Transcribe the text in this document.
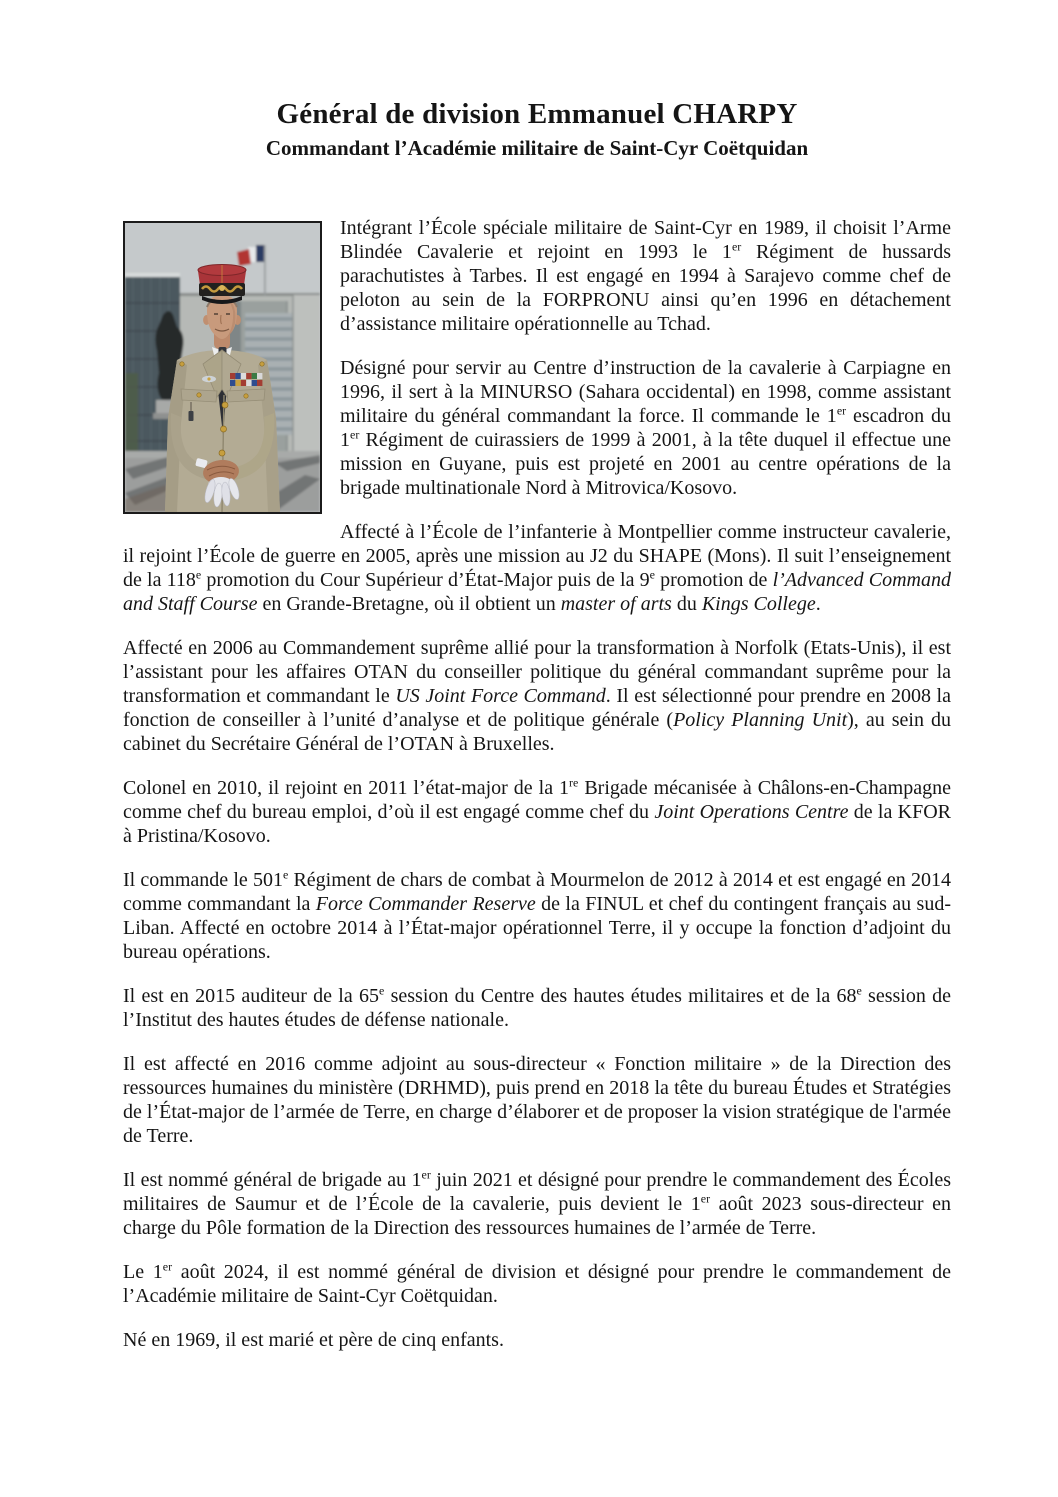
Général de division Emmanuel CHARPY
Commandant l’Académie militaire de Saint-Cyr Coëtquidan

Intégrant l’École spéciale militaire de Saint-Cyr en 1989, il choisit l’Arme Blindée Cavalerie et rejoint en 1993 le 1er Régiment de hussards parachutistes à Tarbes. Il est engagé en 1994 à Sarajevo comme chef de peloton au sein de la FORPRONU ainsi qu’en 1996 en détachement d’assistance militaire opérationnelle au Tchad.

Désigné pour servir au Centre d’instruction de la cavalerie à Carpiagne en 1996, il sert à la MINURSO (Sahara occidental) en 1998, comme assistant militaire du général commandant la force. Il commande le 1er escadron du 1er Régiment de cuirassiers de 1999 à 2001, à la tête duquel il effectue une mission en Guyane, puis est projeté en 2001 au centre opérations de la brigade multinationale Nord à Mitrovica/Kosovo.

Affecté à l’École de l’infanterie à Montpellier comme instructeur cavalerie, il rejoint l’École de guerre en 2005, après une mission au J2 du SHAPE (Mons). Il suit l’enseignement de la 118e promotion du Cour Supérieur d’État-Major puis de la 9e promotion de l’Advanced Command and Staff Course en Grande-Bretagne, où il obtient un master of arts du Kings College.

Affecté en 2006 au Commandement suprême allié pour la transformation à Norfolk (Etats-Unis), il est l’assistant pour les affaires OTAN du conseiller politique du général commandant suprême pour la transformation et commandant le US Joint Force Command. Il est sélectionné pour prendre en 2008 la fonction de conseiller à l’unité d’analyse et de politique générale (Policy Planning Unit), au sein du cabinet du Secrétaire Général de l’OTAN à Bruxelles.

Colonel en 2010, il rejoint en 2011 l’état-major de la 1re Brigade mécanisée à Châlons-en-Champagne comme chef du bureau emploi, d’où il est engagé comme chef du Joint Operations Centre de la KFOR à Pristina/Kosovo.

Il commande le 501e Régiment de chars de combat à Mourmelon de 2012 à 2014 et est engagé en 2014 comme commandant la Force Commander Reserve de la FINUL et chef du contingent français au sud-Liban. Affecté en octobre 2014 à l’État-major opérationnel Terre, il y occupe la fonction d’adjoint du bureau opérations.

Il est en 2015 auditeur de la 65e session du Centre des hautes études militaires et de la 68e session de l’Institut des hautes études de défense nationale.

Il est affecté en 2016 comme adjoint au sous-directeur « Fonction militaire » de la Direction des ressources humaines du ministère (DRHMD), puis prend en 2018 la tête du bureau Études et Stratégies de l’État-major de l’armée de Terre, en charge d’élaborer et de proposer la vision stratégique de l'armée de Terre.

Il est nommé général de brigade au 1er juin 2021 et désigné pour prendre le commandement des Écoles militaires de Saumur et de l’École de la cavalerie, puis devient le 1er août 2023 sous-directeur en charge du Pôle formation de la Direction des ressources humaines de l’armée de Terre.

Le 1er août 2024, il est nommé général de division et désigné pour prendre le commandement de l’Académie militaire de Saint-Cyr Coëtquidan.

Né en 1969, il est marié et père de cinq enfants.
